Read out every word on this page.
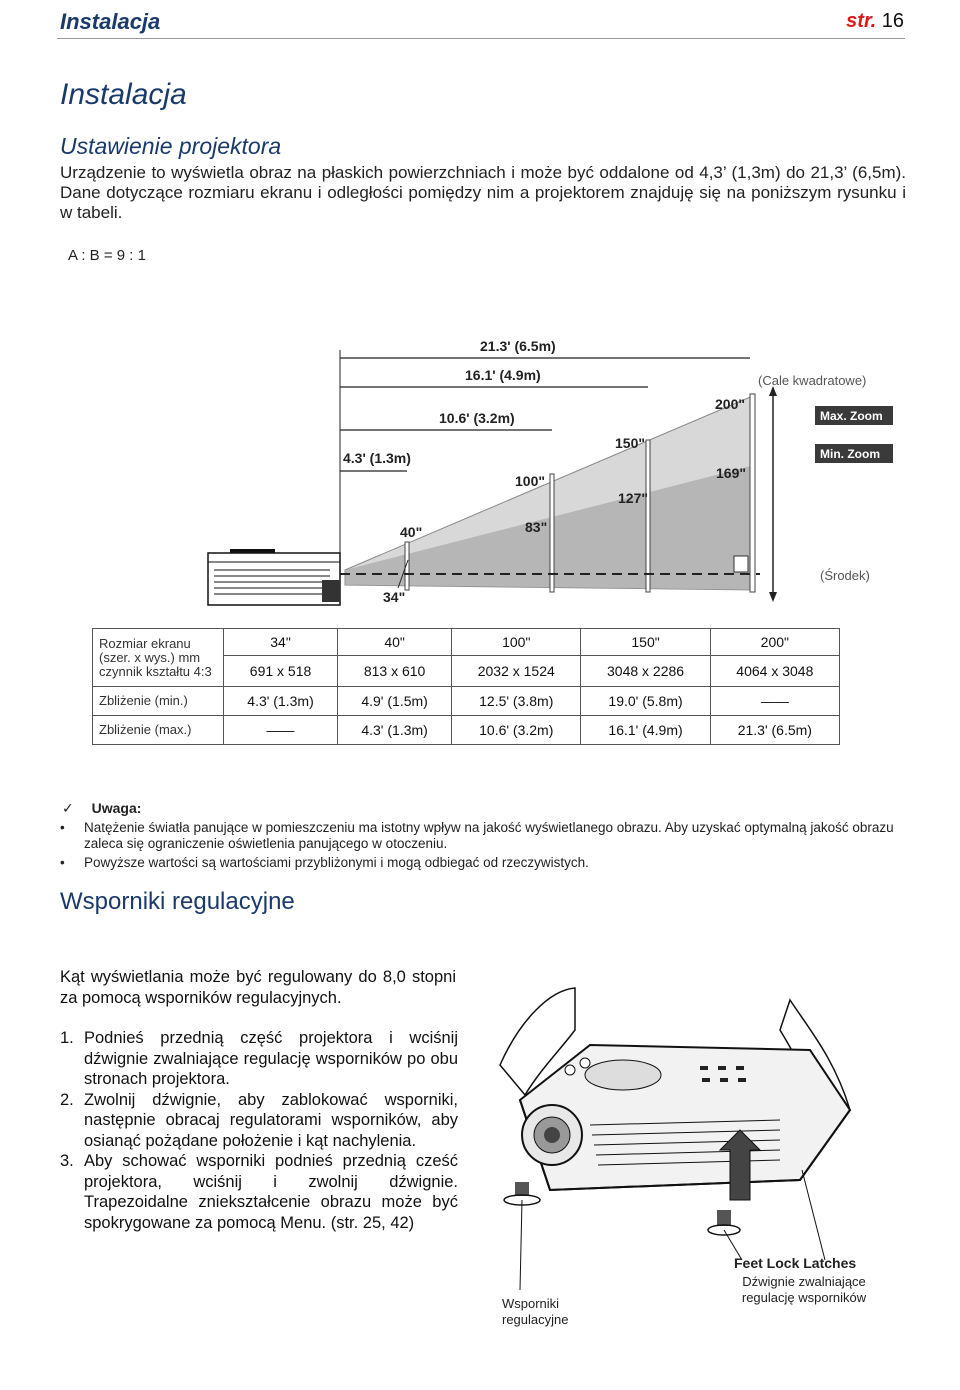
Instalacja	str. 16
Instalacja
Ustawienie projektora
Urządzenie to wyświetla obraz na płaskich powierzchniach i może być oddalone od 4,3’ (1,3m) do 21,3’ (6,5m). Dane dotyczące rozmiaru ekranu i odległości pomiędzy nim a projektorem znajduję się na poniższym rysunku i w tabeli.
A : B = 9 : 1
21.3' (6.5m)
16.1' (4.9m)
10.6' (3.2m)
4.3' (1.3m)
(Cale kwadratowe)
(Środek)
Max. Zoom
Min. Zoom
40"
100"
150"
200"
83"
127"
169"
34"
Rozmiar ekranu (szer. x wys.) mm czynnik kształtu 4:3	34"	40"	100"	150"	200"
	691 x 518	813 x 610	2032 x 1524	3048 x 2286	4064 x 3048
Zbliżenie (min.)	4.3' (1.3m)	4.9' (1.5m)	12.5' (3.8m)	19.0' (5.8m)	——
Zbliżenie (max.)	——	4.3' (1.3m)	10.6' (3.2m)	16.1' (4.9m)	21.3' (6.5m)
✓ Uwaga:
• Natężenie światła panujące w pomieszczeniu ma istotny wpływ na jakość wyświetlanego obrazu. Aby uzyskać optymalną jakość obrazu zaleca się ograniczenie oświetlenia panującego w otoczeniu.
• Powyższe wartości są wartościami przybliżonymi i mogą odbiegać od rzeczywistych.
Wsporniki regulacyjne
Kąt wyświetlania może być regulowany do 8,0 stopni za pomocą wsporników regulacyjnych.
1. Podnieś przednią część projektora i wciśnij dźwignie zwalniające regulację wsporników po obu stronach projektora.
2. Zwolnij dźwignie, aby zablokować wsporniki, następnie obracaj regulatorami wsporników, aby osianąć pożądane położenie i kąt nachylenia.
3. Aby schować wsporniki podnieś przednią cześć projektora, wciśnij i zwolnij dźwignie. Trapezoidalne zniekształcenie obrazu może być spokrygowane za pomocą Menu. (str. 25, 42)
Feet Lock Latches
Dźwignie zwalniające regulację wsporników
Wsporniki regulacyjne
